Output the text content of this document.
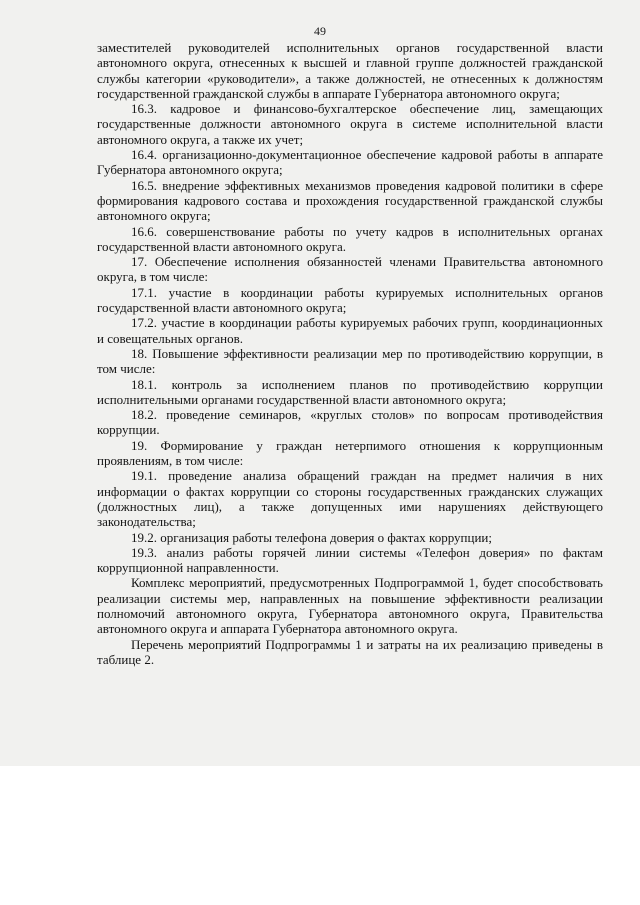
49

заместителей руководителей исполнительных органов государственной власти автономного округа, отнесенных к высшей и главной группе должностей гражданской службы категории «руководители», а также должностей, не отнесенных к должностям государственной гражданской службы в аппарате Губернатора автономного округа;

16.3. кадровое и финансово-бухгалтерское обеспечение лиц, замещающих государственные должности автономного округа в системе исполнительной власти автономного округа, а также их учет;

16.4. организационно-документационное обеспечение кадровой работы в аппарате Губернатора автономного округа;

16.5. внедрение эффективных механизмов проведения кадровой политики в сфере формирования кадрового состава и прохождения государственной гражданской службы автономного округа;

16.6. совершенствование работы по учету кадров в исполнительных органах государственной власти автономного округа.

17. Обеспечение исполнения обязанностей членами Правительства автономного округа, в том числе:

17.1. участие в координации работы курируемых исполнительных органов государственной власти автономного округа;

17.2. участие в координации работы курируемых рабочих групп, координационных и совещательных органов.

18. Повышение эффективности реализации мер по противодействию коррупции, в том числе:

18.1. контроль за исполнением планов по противодействию коррупции исполнительными органами государственной власти автономного округа;

18.2. проведение семинаров, «круглых столов» по вопросам противодействия коррупции.

19. Формирование у граждан нетерпимого отношения к коррупционным проявлениям, в том числе:

19.1. проведение анализа обращений граждан на предмет наличия в них информации о фактах коррупции со стороны государственных гражданских служащих (должностных лиц), а также допущенных ими нарушениях действующего законодательства;

19.2. организация работы телефона доверия о фактах коррупции;

19.3. анализ работы горячей линии системы «Телефон доверия» по фактам коррупционной направленности.

Комплекс мероприятий, предусмотренных Подпрограммой 1, будет способствовать реализации системы мер, направленных на повышение эффективности реализации полномочий автономного округа, Губернатора автономного округа, Правительства автономного округа и аппарата Губернатора автономного округа.

Перечень мероприятий Подпрограммы 1 и затраты на их реализацию приведены в таблице 2.
